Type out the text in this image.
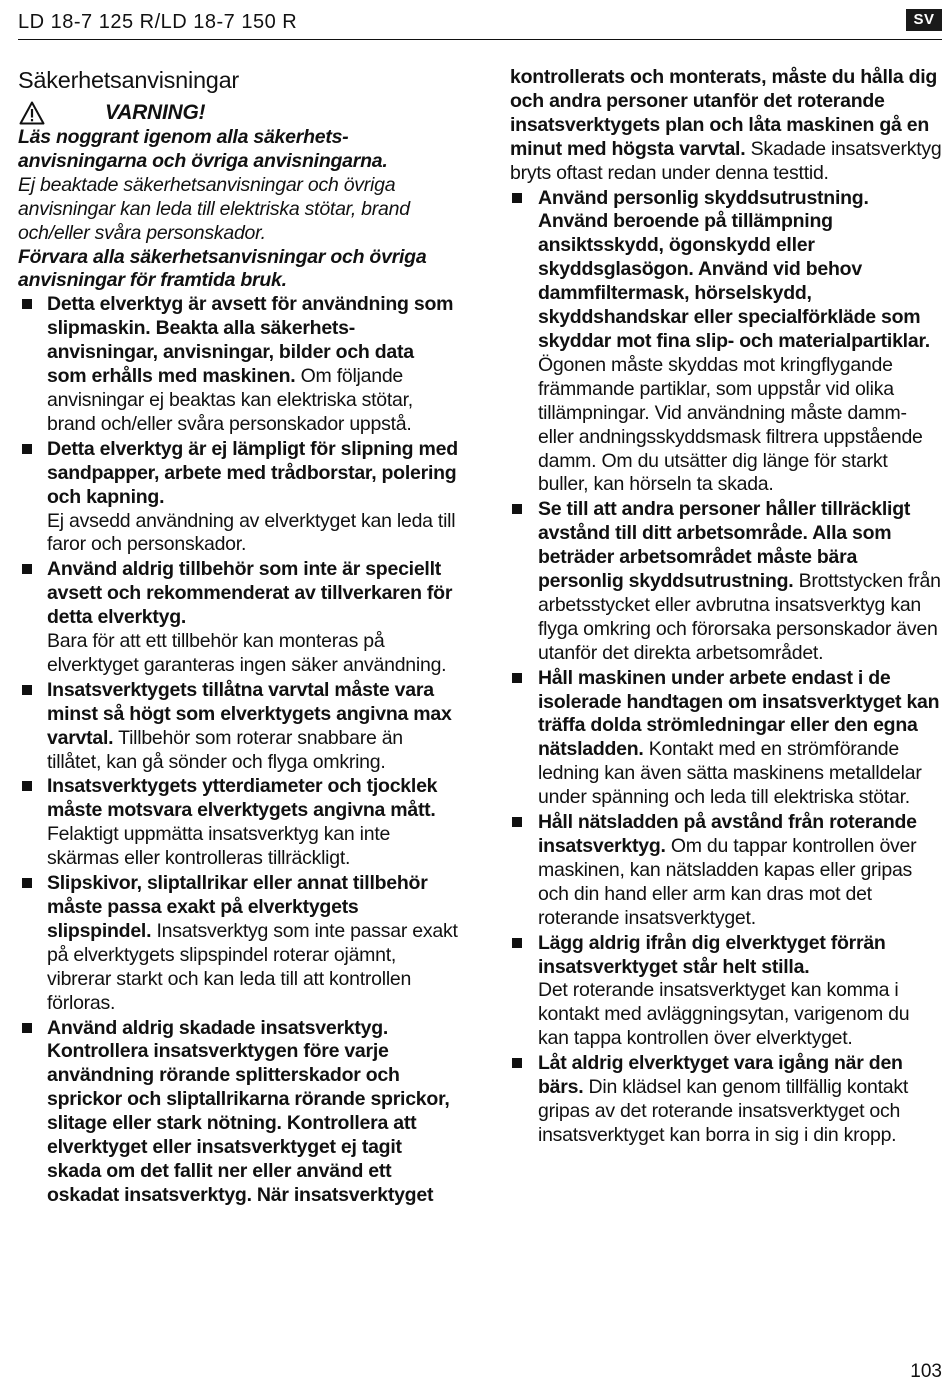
LD 18-7 125 R/LD 18-7 150 R	SV
Säkerhetsanvisningar
VARNING!

Läs noggrant igenom alla säkerhets-anvisningarna och övriga anvisningarna.

Ej beaktade säkerhetsanvisningar och övriga anvisningar kan leda till elektriska stötar, brand och/eller svåra personskador.

Förvara alla säkerhetsanvisningar och övriga anvisningar för framtida bruk.

Detta elverktyg är avsett för användning som slipmaskin. Beakta alla säkerhets-anvisningar, anvisningar, bilder och data som erhålls med maskinen. Om följande anvisningar ej beaktas kan elektriska stötar, brand och/eller svåra personskador uppstå.
Detta elverktyg är ej lämpligt för slipning med sandpapper, arbete med trådborstar, polering och kapning.
Ej avsedd användning av elverktyget kan leda till faror och personskador.
Använd aldrig tillbehör som inte är speciellt avsett och rekommenderat av tillverkaren för detta elverktyg.
Bara för att ett tillbehör kan monteras på elverktyget garanteras ingen säker användning.
Insatsverktygets tillåtna varvtal måste vara minst så högt som elverktygets angivna max varvtal. Tillbehör som roterar snabbare än tillåtet, kan gå sönder och flyga omkring.
Insatsverktygets ytterdiameter och tjocklek måste motsvara elverktygets angivna mått. Felaktigt uppmätta insatsverktyg kan inte skärmas eller kontrolleras tillräckligt.
Slipskivor, sliptallrikar eller annat tillbehör måste passa exakt på elverktygets slipspindel. Insatsverktyg som inte passar exakt på elverktygets slipspindel roterar ojämnt, vibrerar starkt och kan leda till att kontrollen förloras.
Använd aldrig skadade insatsverktyg. Kontrollera insatsverktygen före varje användning rörande splitterskador och sprickor och sliptallrikarna rörande sprickor, slitage eller stark nötning. Kontrollera att elverktyget eller insatsverktyget ej tagit skada om det fallit ner eller använd ett oskadat insatsverktyg. När insatsverktyget
kontrollerats och monterats, måste du hålla dig och andra personer utanför det roterande insatsverktygets plan och låta maskinen gå en minut med högsta varvtal. Skadade insatsverktyg bryts oftast redan under denna testtid.
Använd personlig skyddsutrustning. Använd beroende på tillämpning ansiktsskydd, ögonskydd eller skyddsglasögon. Använd vid behov dammfiltermask, hörselskydd, skyddshandskar eller specialförkläde som skyddar mot fina slip- och materialpartiklar. Ögonen måste skyddas mot kringflygande främmande partiklar, som uppstår vid olika tillämpningar. Vid användning måste damm- eller andningsskyddsmask filtrera uppstående damm. Om du utsätter dig länge för starkt buller, kan hörseln ta skada.
Se till att andra personer håller tillräckligt avstånd till ditt arbetsområde. Alla som beträder arbetsområdet måste bära personlig skyddsutrustning. Brottstycken från arbetsstycket eller avbrutna insatsverktyg kan flyga omkring och förorsaka personskador även utanför det direkta arbetsområdet.
Håll maskinen under arbete endast i de isolerade handtagen om insatsverktyget kan träffa dolda strömledningar eller den egna nätsladden. Kontakt med en strömförande ledning kan även sätta maskinens metalldelar under spänning och leda till elektriska stötar.
Håll nätsladden på avstånd från roterande insatsverktyg. Om du tappar kontrollen över maskinen, kan nätsladden kapas eller gripas och din hand eller arm kan dras mot det roterande insatsverktyget.
Lägg aldrig ifrån dig elverktyget förrän insatsverktyget står helt stilla.
Det roterande insatsverktyget kan komma i kontakt med avläggningsytan, varigenom du kan tappa kontrollen över elverktyget.
Låt aldrig elverktyget vara igång när den bärs. Din klädsel kan genom tillfällig kontakt gripas av det roterande insatsverktyget och insatsverktyget kan borra in sig i din kropp.
103
